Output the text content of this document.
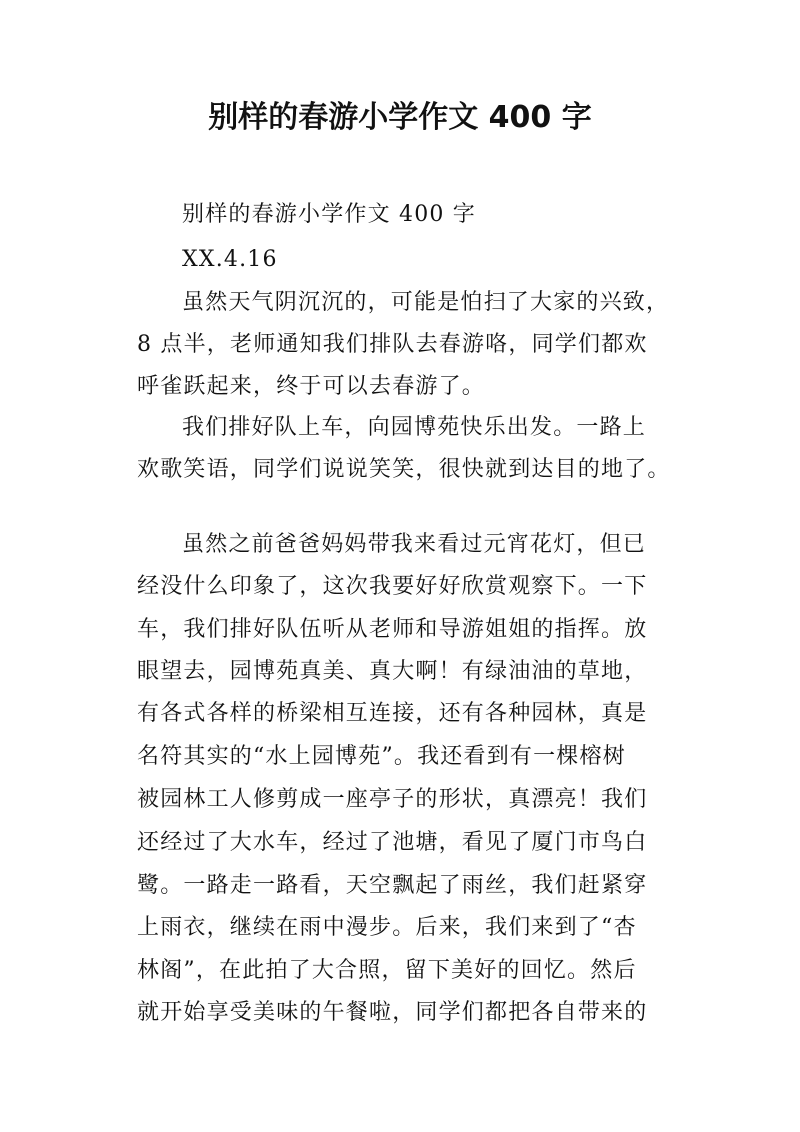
别样的春游小学作文 400 字
别样的春游小学作文 400 字
XX.4.16
虽然天气阴沉沉的，可能是怕扫了大家的兴致，
8 点半，老师通知我们排队去春游咯，同学们都欢
呼雀跃起来，终于可以去春游了。
我们排好队上车，向园博苑快乐出发。一路上
欢歌笑语，同学们说说笑笑，很快就到达目的地了。
虽然之前爸爸妈妈带我来看过元宵花灯，但已
经没什么印象了，这次我要好好欣赏观察下。一下
车，我们排好队伍听从老师和导游姐姐的指挥。放
眼望去，园博苑真美、真大啊！有绿油油的草地，
有各式各样的桥梁相互连接，还有各种园林，真是
名符其实的“水上园博苑”。我还看到有一棵榕树
被园林工人修剪成一座亭子的形状，真漂亮！我们
还经过了大水车，经过了池塘，看见了厦门市鸟白
鹭。一路走一路看，天空飘起了雨丝，我们赶紧穿
上雨衣，继续在雨中漫步。后来，我们来到了“杏
林阁”，在此拍了大合照，留下美好的回忆。然后
就开始享受美味的午餐啦，同学们都把各自带来的
